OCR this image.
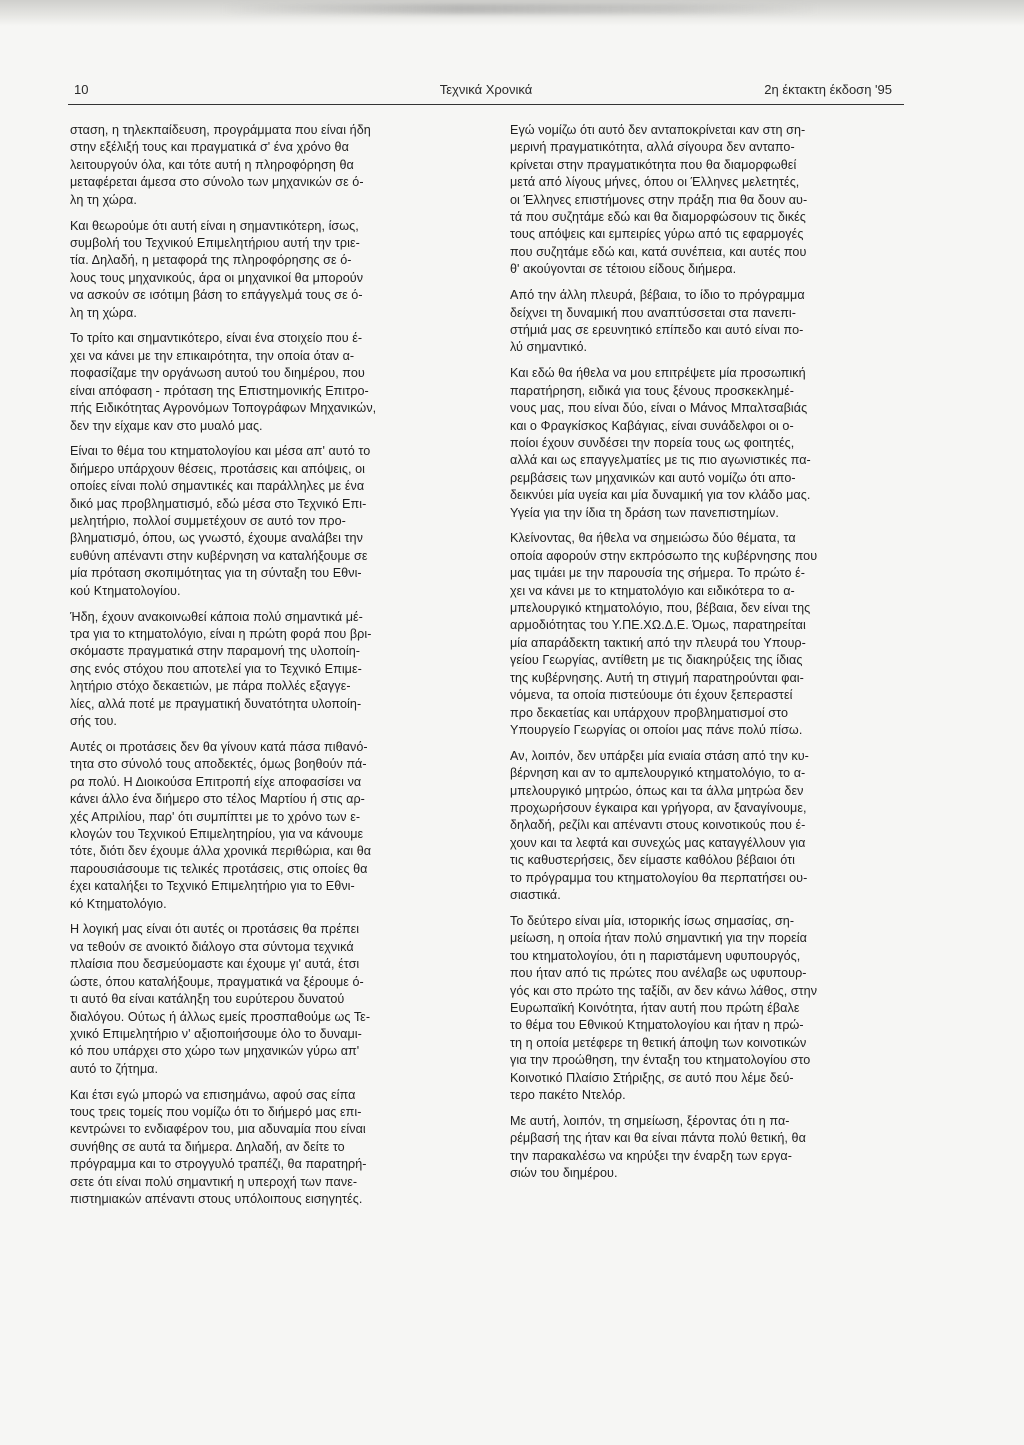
10	Τεχνικά Χρονικά	2η έκτακτη έκδοση '95

σταση, η τηλεκπαίδευση, προγράμματα που είναι ήδη
στην εξέλιξή τους και πραγματικά σ' ένα χρόνο θα
λειτουργούν όλα, και τότε αυτή η πληροφόρηση θα
μεταφέρεται άμεσα στο σύνολο των μηχανικών σε ό-
λη τη χώρα.

Και θεωρούμε ότι αυτή είναι η σημαντικότερη, ίσως,
συμβολή του Τεχνικού Επιμελητήριου αυτή την τριε-
τία. Δηλαδή, η μεταφορά της πληροφόρησης σε ό-
λους τους μηχανικούς, άρα οι μηχανικοί θα μπορούν
να ασκούν σε ισότιμη βάση το επάγγελμά τους σε ό-
λη τη χώρα.

Το τρίτο και σημαντικότερο, είναι ένα στοιχείο που έ-
χει να κάνει με την επικαιρότητα, την οποία όταν α-
ποφασίζαμε την οργάνωση αυτού του διημέρου, που
είναι απόφαση - πρόταση της Επιστημονικής Επιτρο-
πής Ειδικότητας Αγρονόμων Τοπογράφων Μηχανικών,
δεν την είχαμε καν στο μυαλό μας.

Είναι το θέμα του κτηματολογίου και μέσα απ' αυτό το
διήμερο υπάρχουν θέσεις, προτάσεις και απόψεις, οι
οποίες είναι πολύ σημαντικές και παράλληλες με ένα
δικό μας προβληματισμό, εδώ μέσα στο Τεχνικό Επι-
μελητήριο, πολλοί συμμετέχουν σε αυτό τον προ-
βληματισμό, όπου, ως γνωστό, έχουμε αναλάβει την
ευθύνη απέναντι στην κυβέρνηση να καταλήξουμε σε
μία πρόταση σκοπιμότητας για τη σύνταξη του Εθνι-
κού Κτηματολογίου.

Ήδη, έχουν ανακοινωθεί κάποια πολύ σημαντικά μέ-
τρα για το κτηματολόγιο, είναι η πρώτη φορά που βρι-
σκόμαστε πραγματικά στην παραμονή της υλοποίη-
σης ενός στόχου που αποτελεί για το Τεχνικό Επιμε-
λητήριο στόχο δεκαετιών, με πάρα πολλές εξαγγε-
λίες, αλλά ποτέ με πραγματική δυνατότητα υλοποίη-
σής του.

Αυτές οι προτάσεις δεν θα γίνουν κατά πάσα πιθανό-
τητα στο σύνολό τους αποδεκτές, όμως βοηθούν πά-
ρα πολύ. Η Διοικούσα Επιτροπή είχε αποφασίσει να
κάνει άλλο ένα διήμερο στο τέλος Μαρτίου ή στις αρ-
χές Απριλίου, παρ' ότι συμπίπτει με το χρόνο των ε-
κλογών του Τεχνικού Επιμελητηρίου, για να κάνουμε
τότε, διότι δεν έχουμε άλλα χρονικά περιθώρια, και θα
παρουσιάσουμε τις τελικές προτάσεις, στις οποίες θα
έχει καταλήξει το Τεχνικό Επιμελητήριο για το Εθνι-
κό Κτηματολόγιο.

Η λογική μας είναι ότι αυτές οι προτάσεις θα πρέπει
να τεθούν σε ανοικτό διάλογο στα σύντομα τεχνικά
πλαίσια που δεσμεύομαστε και έχουμε γι' αυτά, έτσι
ώστε, όπου καταλήξουμε, πραγματικά να ξέρουμε ό-
τι αυτό θα είναι κατάληξη του ευρύτερου δυνατού
διαλόγου. Ούτως ή άλλως εμείς προσπαθούμε ως Τε-
χνικό Επιμελητήριο ν' αξιοποιήσουμε όλο το δυναμι-
κό που υπάρχει στο χώρο των μηχανικών γύρω απ'
αυτό το ζήτημα.

Και έτσι εγώ μπορώ να επισημάνω, αφού σας είπα
τους τρεις τομείς που νομίζω ότι το διήμερό μας επι-
κεντρώνει το ενδιαφέρον του, μια αδυναμία που είναι
συνήθης σε αυτά τα διήμερα. Δηλαδή, αν δείτε το
πρόγραμμα και το στρογγυλό τραπέζι, θα παρατηρή-
σετε ότι είναι πολύ σημαντική η υπεροχή των πανε-
πιστημιακών απέναντι στους υπόλοιπους εισηγητές.

Εγώ νομίζω ότι αυτό δεν ανταποκρίνεται καν στη ση-
μερινή πραγματικότητα, αλλά σίγουρα δεν ανταπο-
κρίνεται στην πραγματικότητα που θα διαμορφωθεί
μετά από λίγους μήνες, όπου οι Έλληνες μελετητές,
οι Έλληνες επιστήμονες στην πράξη πια θα δουν αυ-
τά που συζητάμε εδώ και θα διαμορφώσουν τις δικές
τους απόψεις και εμπειρίες γύρω από τις εφαρμογές
που συζητάμε εδώ και, κατά συνέπεια, και αυτές που
θ' ακούγονται σε τέτοιου είδους διήμερα.

Από την άλλη πλευρά, βέβαια, το ίδιο το πρόγραμμα
δείχνει τη δυναμική που αναπτύσσεται στα πανεπι-
στήμιά μας σε ερευνητικό επίπεδο και αυτό είναι πο-
λύ σημαντικό.

Και εδώ θα ήθελα να μου επιτρέψετε μία προσωπική
παρατήρηση, ειδικά για τους ξένους προσκεκλημέ-
νους μας, που είναι δύο, είναι ο Μάνος Μπαλτσαβιάς
και ο Φραγκίσκος Καβάγιας, είναι συνάδελφοι οι ο-
ποίοι έχουν συνδέσει την πορεία τους ως φοιτητές,
αλλά και ως επαγγελματίες με τις πιο αγωνιστικές πα-
ρεμβάσεις των μηχανικών και αυτό νομίζω ότι απο-
δεικνύει μία υγεία και μία δυναμική για τον κλάδο μας.
Υγεία για την ίδια τη δράση των πανεπιστημίων.

Κλείνοντας, θα ήθελα να σημειώσω δύο θέματα, τα
οποία αφορούν στην εκπρόσωπο της κυβέρνησης που
μας τιμάει με την παρουσία της σήμερα. Το πρώτο έ-
χει να κάνει με το κτηματολόγιο και ειδικότερα το α-
μπελουργικό κτηματολόγιο, που, βέβαια, δεν είναι της
αρμοδιότητας του Υ.ΠΕ.ΧΩ.Δ.Ε. Όμως, παρατηρείται
μία απαράδεκτη τακτική από την πλευρά του Υπουρ-
γείου Γεωργίας, αντίθετη με τις διακηρύξεις της ίδιας
της κυβέρνησης. Αυτή τη στιγμή παρατηρούνται φαι-
νόμενα, τα οποία πιστεύουμε ότι έχουν ξεπεραστεί
προ δεκαετίας και υπάρχουν προβληματισμοί στο
Υπουργείο Γεωργίας οι οποίοι μας πάνε πολύ πίσω.

Αν, λοιπόν, δεν υπάρξει μία ενιαία στάση από την κυ-
βέρνηση και αν το αμπελουργικό κτηματολόγιο, το α-
μπελουργικό μητρώο, όπως και τα άλλα μητρώα δεν
προχωρήσουν έγκαιρα και γρήγορα, αν ξαναγίνουμε,
δηλαδή, ρεζίλι και απέναντι στους κοινοτικούς που έ-
χουν και τα λεφτά και συνεχώς μας καταγγέλλουν για
τις καθυστερήσεις, δεν είμαστε καθόλου βέβαιοι ότι
το πρόγραμμα του κτηματολογίου θα περπατήσει ου-
σιαστικά.

Το δεύτερο είναι μία, ιστορικής ίσως σημασίας, ση-
μείωση, η οποία ήταν πολύ σημαντική για την πορεία
του κτηματολογίου, ότι η παριστάμενη υφυπουργός,
που ήταν από τις πρώτες που ανέλαβε ως υφυπουρ-
γός και στο πρώτο της ταξίδι, αν δεν κάνω λάθος, στην
Ευρωπαϊκή Κοινότητα, ήταν αυτή που πρώτη έβαλε
το θέμα του Εθνικού Κτηματολογίου και ήταν η πρώ-
τη η οποία μετέφερε τη θετική άποψη των κοινοτικών
για την προώθηση, την ένταξη του κτηματολογίου στο
Κοινοτικό Πλαίσιο Στήριξης, σε αυτό που λέμε δεύ-
τερο πακέτο Ντελόρ.

Με αυτή, λοιπόν, τη σημείωση, ξέροντας ότι η πα-
ρέμβασή της ήταν και θα είναι πάντα πολύ θετική, θα
την παρακαλέσω να κηρύξει την έναρξη των εργα-
σιών του διημέρου.
